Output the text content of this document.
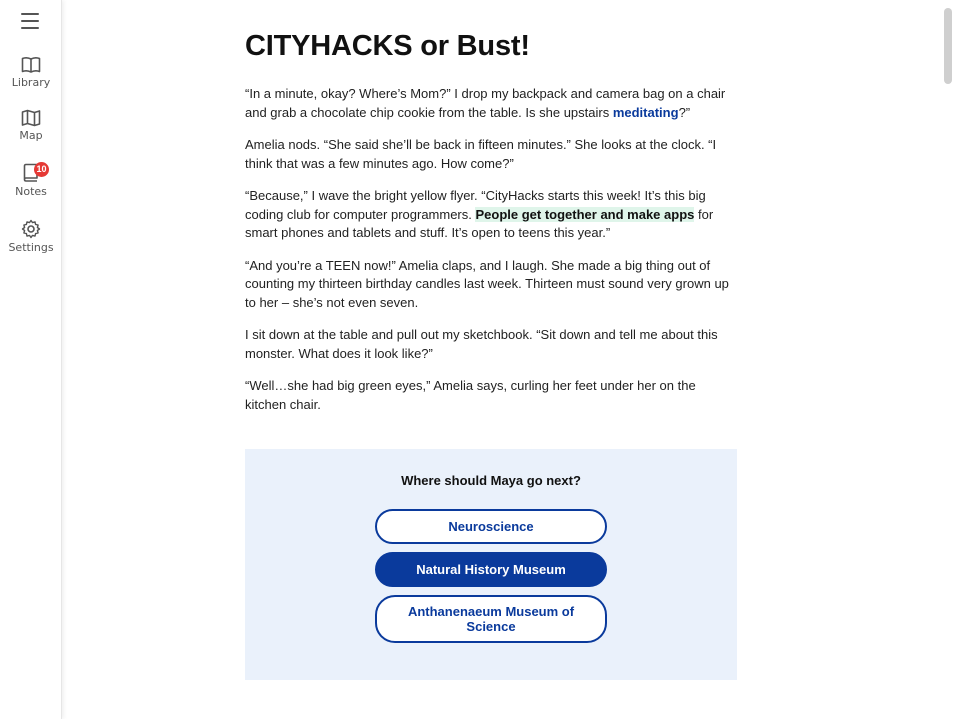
Library
Map
10
Notes
Settings
CITYHACKS or Bust!

“In a minute, okay? Where’s Mom?” I drop my backpack and camera bag on a chair and grab a chocolate chip cookie from the table. Is she upstairs meditating?”

Amelia nods. “She said she’ll be back in fifteen minutes.” She looks at the clock. “I think that was a few minutes ago. How come?”

“Because,” I wave the bright yellow flyer. “CityHacks starts this week! It’s this big coding club for computer programmers. People get together and make apps for smart phones and tablets and stuff. It’s open to teens this year.”

“And you’re a TEEN now!” Amelia claps, and I laugh. She made a big thing out of counting my thirteen birthday candles last week. Thirteen must sound very grown up to her – she’s not even seven.

I sit down at the table and pull out my sketchbook. “Sit down and tell me about this monster. What does it look like?”

“Well…she had big green eyes,” Amelia says, curling her feet under her on the kitchen chair.

Where should Maya go next?
Neuroscience
Natural History Museum
Anthanenaeum Museum of Science
